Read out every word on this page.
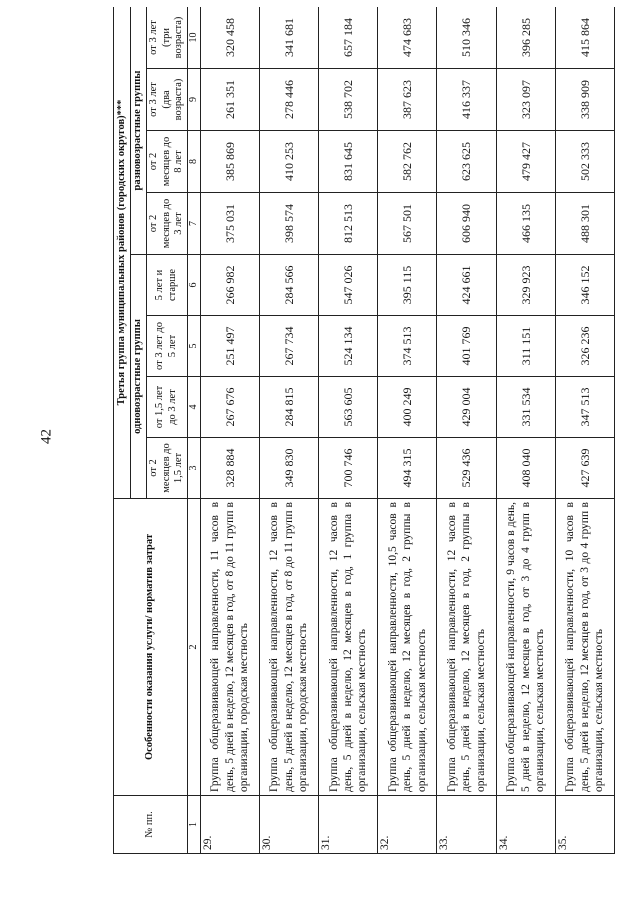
42
№ пп.	Особенности оказания услуги/ норматив затрат	Третья группа муниципальных районов (городских округов)***							
		одновозрастные группы				разновозрастные группы			
		от 2 месяцев до 1,5 лет	от 1,5 лет до 3 лет	от 3 лет до 5 лет	5 лет и старше	от 2 месяцев до 3 лет	от 2 месяцев до 8 лет	от 3 лет (два возраста)	от 3 лет (три возраста)
1	2	3	4	5	6	7	8	9	10
29.	Группа общеразвивающей направленности, 11 часов в день, 5 дней в неделю, 12 месяцев в год, от 8 до 11 групп в организации, городская местность	328 884	267 676	251 497	266 982	375 031	385 869	261 351	320 458
30.	Группа общеразвивающей направленности, 12 часов в день, 5 дней в неделю, 12 месяцев в год, от 8 до 11 групп в организации, городская местность	349 830	284 815	267 734	284 566	398 574	410 253	278 446	341 681
31.	Группа общеразвивающей направленности, 12 часов в день, 5 дней в неделю, 12 месяцев в год, 1 группа в организации, сельская местность	700 746	563 605	524 134	547 026	812 513	831 645	538 702	657 184
32.	Группа общеразвивающей направленности, 10,5 часов в день, 5 дней в неделю, 12 месяцев в год, 2 группы в организации, сельская местность	494 315	400 249	374 513	395 115	567 501	582 762	387 623	474 683
33.	Группа общеразвивающей направленности, 12 часов в день, 5 дней в неделю, 12 месяцев в год, 2 группы в организации, сельская местность	529 436	429 004	401 769	424 661	606 940	623 625	416 337	510 346
34.	Группа общеразвивающей направленности, 9 часов в день, 5 дней в неделю, 12 месяцев в год, от 3 до 4 групп в организации, сельская местность	408 040	331 534	311 151	329 923	466 135	479 427	323 097	396 285
35.	Группа общеразвивающей направленности, 10 часов в день, 5 дней в неделю, 12 месяцев в год, от 3 до 4 групп в организации, сельская местность	427 639	347 513	326 236	346 152	488 301	502 333	338 909	415 864
